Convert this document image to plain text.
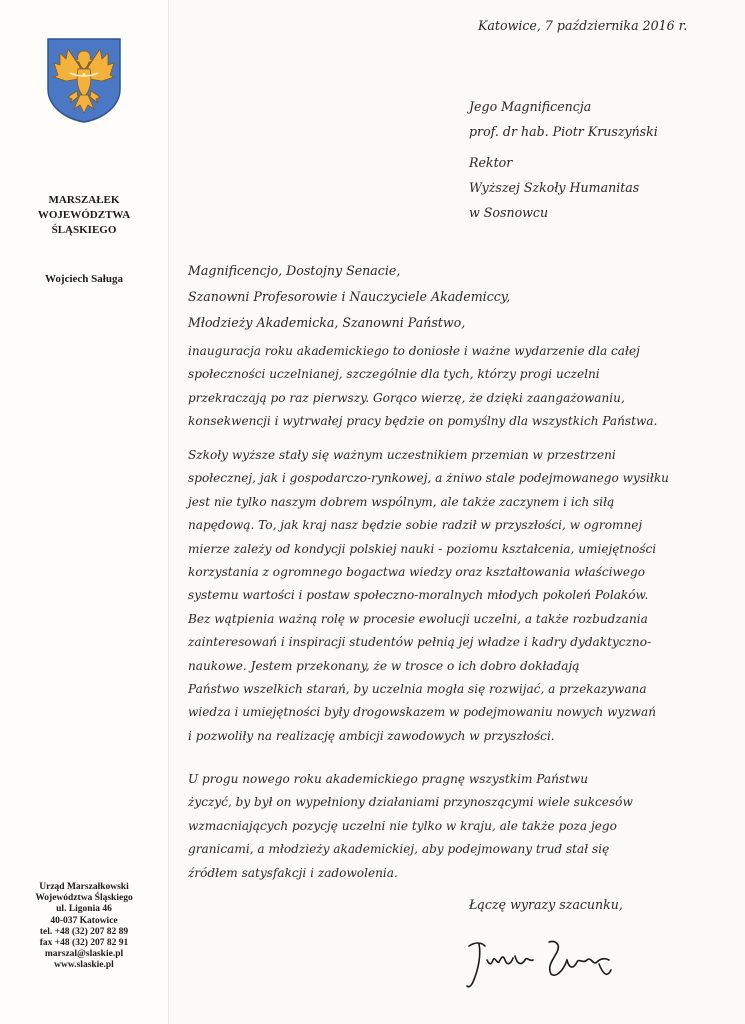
MARSZAŁEK
WOJEWÓDZTWA
ŚLĄSKIEGO
Wojciech Saługa
Urząd Marszałkowski
Województwa Śląskiego
ul. Ligonia 46
40-037 Katowice
tel. +48 (32) 207 82 89
fax +48 (32) 207 82 91
marszal@slaskie.pl
www.slaskie.pl
Katowice, 7 października 2016 r.
Jego Magnificencja
prof. dr hab. Piotr Kruszyński
Rektor
Wyższej Szkoły Humanitas
w Sosnowcu
Magnificencjo, Dostojny Senacie,
Szanowni Profesorowie i Nauczyciele Akademiccy,
Młodzieży Akademicka, Szanowni Państwo,
inauguracja roku akademickiego to doniosłe i ważne wydarzenie dla całej
społeczności uczelnianej, szczególnie dla tych, którzy progi uczelni
przekraczają po raz pierwszy. Gorąco wierzę, że dzięki zaangażowaniu,
konsekwencji i wytrwałej pracy będzie on pomyślny dla wszystkich Państwa.
Szkoły wyższe stały się ważnym uczestnikiem przemian w przestrzeni
społecznej, jak i gospodarczo-rynkowej, a żniwo stale podejmowanego wysiłku
jest nie tylko naszym dobrem wspólnym, ale także zaczynem i ich siłą
napędową. To, jak kraj nasz będzie sobie radził w przyszłości, w ogromnej
mierze zależy od kondycji polskiej nauki - poziomu kształcenia, umiejętności
korzystania z ogromnego bogactwa wiedzy oraz kształtowania właściwego
systemu wartości i postaw społeczno-moralnych młodych pokoleń Polaków.
Bez wątpienia ważną rolę w procesie ewolucji uczelni, a także rozbudzania
zainteresowań i inspiracji studentów pełnią jej władze i kadry dydaktyczno-
naukowe. Jestem przekonany, że w trosce o ich dobro dokładają
Państwo wszelkich starań, by uczelnia mogła się rozwijać, a przekazywana
wiedza i umiejętności były drogowskazem w podejmowaniu nowych wyzwań
i pozwoliły na realizację ambicji zawodowych w przyszłości.
U progu nowego roku akademickiego pragnę wszystkim Państwu
życzyć, by był on wypełniony działaniami przynoszącymi wiele sukcesów
wzmacniających pozycję uczelni nie tylko w kraju, ale także poza jego
granicami, a młodzieży akademickiej, aby podejmowany trud stał się
źródłem satysfakcji i zadowolenia.
Łączę wyrazy szacunku,
